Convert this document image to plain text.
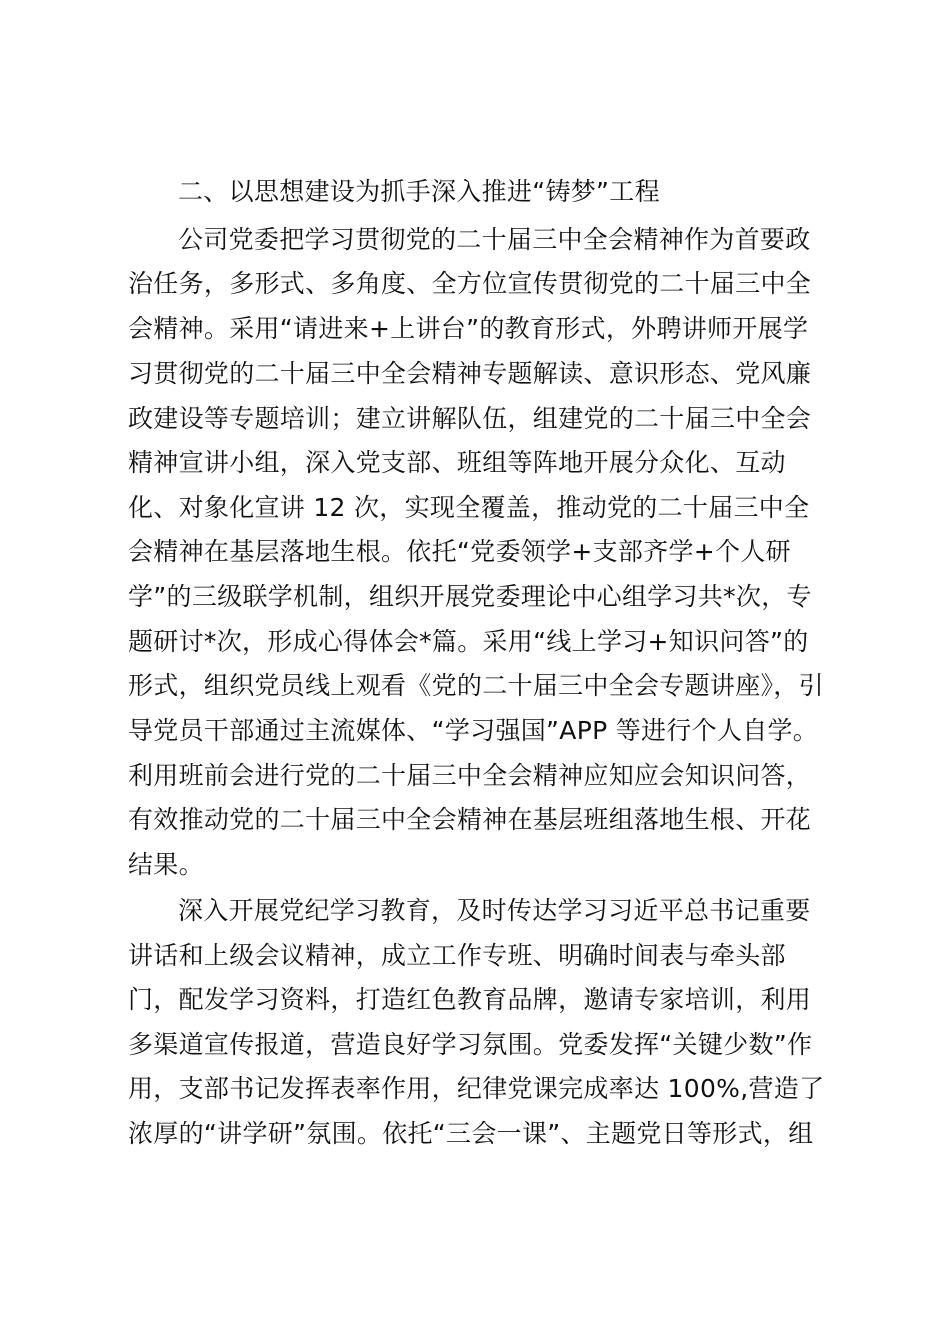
二、以思想建设为抓手深入推进“铸梦”工程
公司党委把学习贯彻党的二十届三中全会精神作为首要政
治任务，多形式、多角度、全方位宣传贯彻党的二十届三中全
会精神。采用“请进来+上讲台”的教育形式，外聘讲师开展学
习贯彻党的二十届三中全会精神专题解读、意识形态、党风廉
政建设等专题培训；建立讲解队伍，组建党的二十届三中全会
精神宣讲小组，深入党支部、班组等阵地开展分众化、互动
化、对象化宣讲 12 次，实现全覆盖，推动党的二十届三中全
会精神在基层落地生根。依托“党委领学+支部齐学+个人研
学”的三级联学机制，组织开展党委理论中心组学习共*次，专
题研讨*次，形成心得体会*篇。采用“线上学习+知识问答”的
形式，组织党员线上观看《党的二十届三中全会专题讲座》，引
导党员干部通过主流媒体、“学习强国”APP 等进行个人自学。
利用班前会进行党的二十届三中全会精神应知应会知识问答，
有效推动党的二十届三中全会精神在基层班组落地生根、开花
结果。
深入开展党纪学习教育，及时传达学习习近平总书记重要
讲话和上级会议精神，成立工作专班、明确时间表与牵头部
门，配发学习资料，打造红色教育品牌，邀请专家培训，利用
多渠道宣传报道，营造良好学习氛围。党委发挥“关键少数”作
用，支部书记发挥表率作用，纪律党课完成率达 100%,营造了
浓厚的“讲学研”氛围。依托“三会一课”、主题党日等形式，组
